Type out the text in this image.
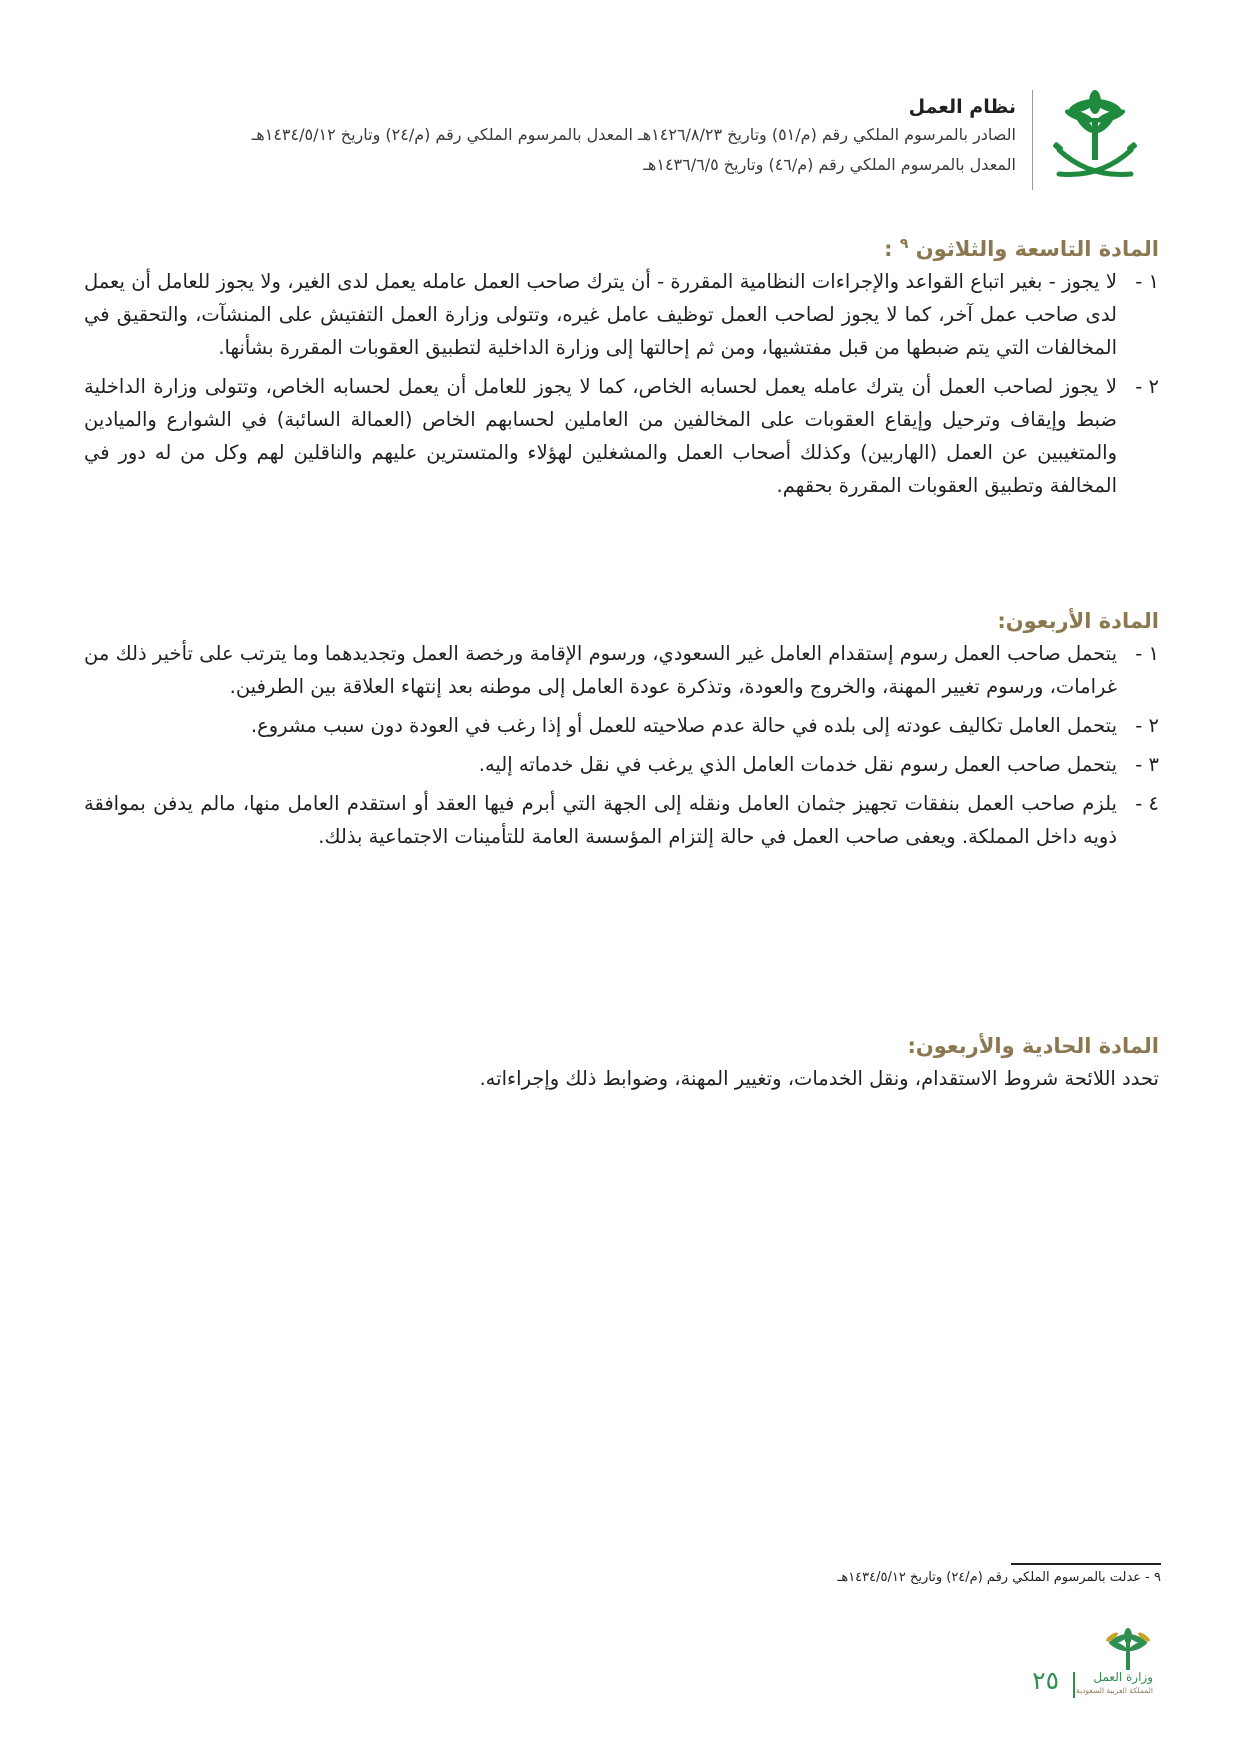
نظام العمل
الصادر بالمرسوم الملكي رقم (م/٥١) وتاريخ ١٤٢٦/٨/٢٣هـ المعدل بالمرسوم الملكي رقم (م/٢٤) وتاريخ ١٤٣٤/٥/١٢هـ
المعدل بالمرسوم الملكي رقم (م/٤٦) وتاريخ ١٤٣٦/٦/٥هـ
المادة التاسعة والثلاثون $^٩$ :
١ -
لا يجوز - بغير اتباع القواعد والإجراءات النظامية المقررة - أن يترك صاحب العمل عامله يعمل لدى الغير، ولا يجوز للعامل أن يعمل لدى صاحب عمل آخر، كما لا يجوز لصاحب العمل توظيف عامل غيره، وتتولى وزارة العمل التفتيش على المنشآت، والتحقيق في المخالفات التي يتم ضبطها من قبل مفتشيها، ومن ثم إحالتها إلى وزارة الداخلية لتطبيق العقوبات المقررة بشأنها.
٢ -
لا يجوز لصاحب العمل أن يترك عامله يعمل لحسابه الخاص، كما لا يجوز للعامل أن يعمل لحسابه الخاص، وتتولى وزارة الداخلية ضبط وإيقاف وترحيل وإيقاع العقوبات على المخالفين من العاملين لحسابهم الخاص (العمالة السائبة) في الشوارع والميادين والمتغيبين عن العمل (الهاربين) وكذلك أصحاب العمل والمشغلين لهؤلاء والمتسترين عليهم والناقلين لهم وكل من له دور في المخالفة وتطبيق العقوبات المقررة بحقهم.
المادة الأربعون:
١ -
يتحمل صاحب العمل رسوم إستقدام العامل غير السعودي، ورسوم الإقامة ورخصة العمل وتجديدهما وما يترتب على تأخير ذلك من غرامات، ورسوم تغيير المهنة، والخروج والعودة، وتذكرة عودة العامل إلى موطنه بعد إنتهاء العلاقة بين الطرفين.
٢ -
يتحمل العامل تكاليف عودته إلى بلده في حالة عدم صلاحيته للعمل أو إذا رغب في العودة دون سبب مشروع.
٣ -
يتحمل صاحب العمل رسوم نقل خدمات العامل الذي يرغب في نقل خدماته إليه.
٤ -
يلزم صاحب العمل بنفقات تجهيز جثمان العامل ونقله إلى الجهة التي أبرم فيها العقد أو استقدم العامل منها، مالم يدفن بموافقة ذويه داخل المملكة. ويعفى صاحب العمل في حالة إلتزام المؤسسة العامة للتأمينات الاجتماعية بذلك.
المادة الحادية والأربعون:

تحدد اللائحة شروط الاستقدام، ونقل الخدمات، وتغيير المهنة، وضوابط ذلك وإجراءاته.

٩ - عدلت بالمرسوم الملكي رقم (م/٢٤) وتاريخ ١٤٣٤/٥/١٢هـ
وزارة العمل
المملكة العربية السعودية
٢٥
